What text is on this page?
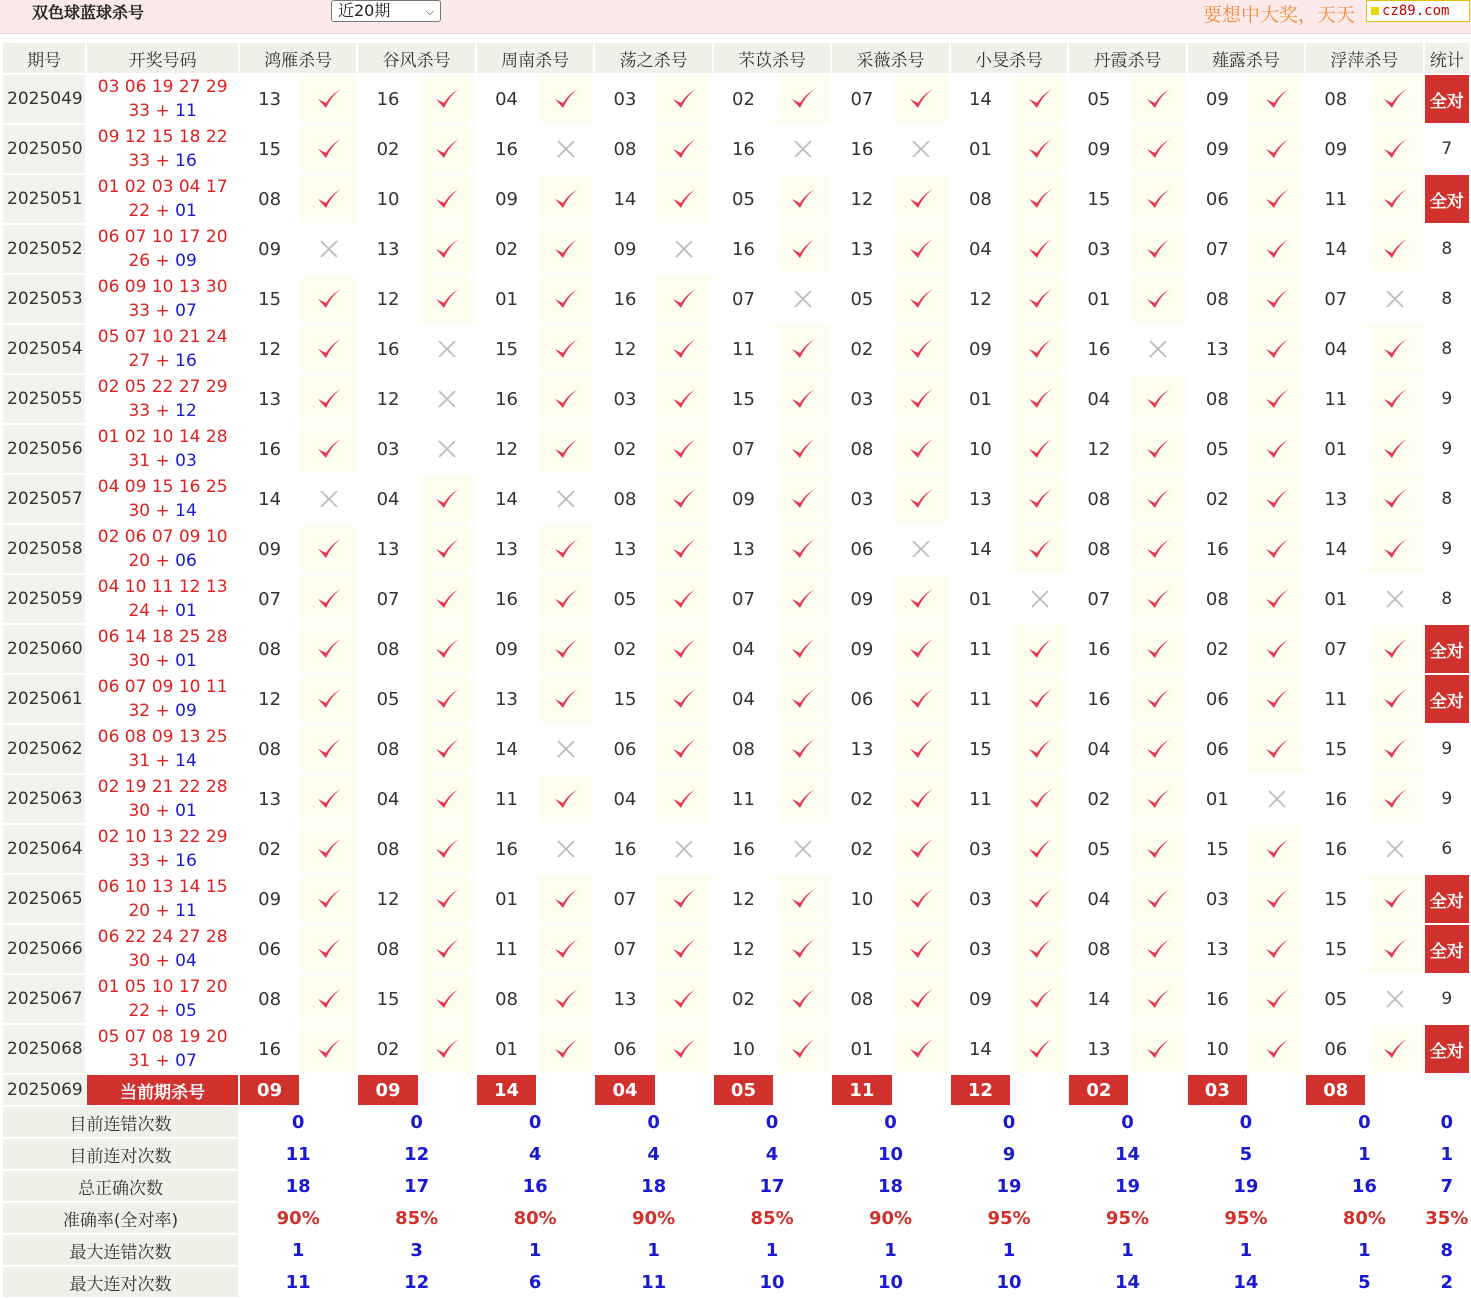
双色球蓝球杀号	近20期	⌵	要想中大奖，天天	cz89.com
期号	开奖号码	鸿雁杀号		谷风杀号		周南杀号		荡之杀号		芣苡杀号		采薇杀号		小旻杀号		丹霞杀号		薤露杀号		浮萍杀号		统计
2025049	03 06 19 27 29
33 + 11	13		16		04		03		02		07		14		05		09		08		全对
2025050	09 12 15 18 22
33 + 16	15		02		16		08		16		16		01		09		09		09		7
2025051	01 02 03 04 17
22 + 01	08		10		09		14		05		12		08		15		06		11		全对
2025052	06 07 10 17 20
26 + 09	09		13		02		09		16		13		04		03		07		14		8
2025053	06 09 10 13 30
33 + 07	15		12		01		16		07		05		12		01		08		07		8
2025054	05 07 10 21 24
27 + 16	12		16		15		12		11		02		09		16		13		04		8
2025055	02 05 22 27 29
33 + 12	13		12		16		03		15		03		01		04		08		11		9
2025056	01 02 10 14 28
31 + 03	16		03		12		02		07		08		10		12		05		01		9
2025057	04 09 15 16 25
30 + 14	14		04		14		08		09		03		13		08		02		13		8
2025058	02 06 07 09 10
20 + 06	09		13		13		13		13		06		14		08		16		14		9
2025059	04 10 11 12 13
24 + 01	07		07		16		05		07		09		01		07		08		01		8
2025060	06 14 18 25 28
30 + 01	08		08		09		02		04		09		11		16		02		07		全对
2025061	06 07 09 10 11
32 + 09	12		05		13		15		04		06		11		16		06		11		全对
2025062	06 08 09 13 25
31 + 14	08		08		14		06		08		13		15		04		06		15		9
2025063	02 19 21 22 28
30 + 01	13		04		11		04		11		02		11		02		01		16		9
2025064	02 10 13 22 29
33 + 16	02		08		16		16		16		02		03		05		15		16		6
2025065	06 10 13 14 15
20 + 11	09		12		01		07		12		10		03		04		03		15		全对
2025066	06 22 24 27 28
30 + 04	06		08		11		07		12		15		03		08		13		15		全对
2025067	01 05 10 17 20
22 + 05	08		15		08		13		02		08		09		14		16		05		9
2025068	05 07 08 19 20
31 + 07	16		02		01		06		10		01		14		13		10		06		全对
2025069	当前期杀号	09		09		14		04		05		11		12		02		03		08		
目前连错次数		0		0		0		0		0		0		0		0		0		0		0
目前连对次数		11		12		4		4		4		10		9		14		5		1		1
总正确次数		18		17		16		18		17		18		19		19		19		16		7
准确率(全对率)		90%		85%		80%		90%		85%		90%		95%		95%		95%		80%		35%
最大连错次数		1		3		1		1		1		1		1		1		1		1		8
最大连对次数		11		12		6		11		10		10		10		14		14		5		2
